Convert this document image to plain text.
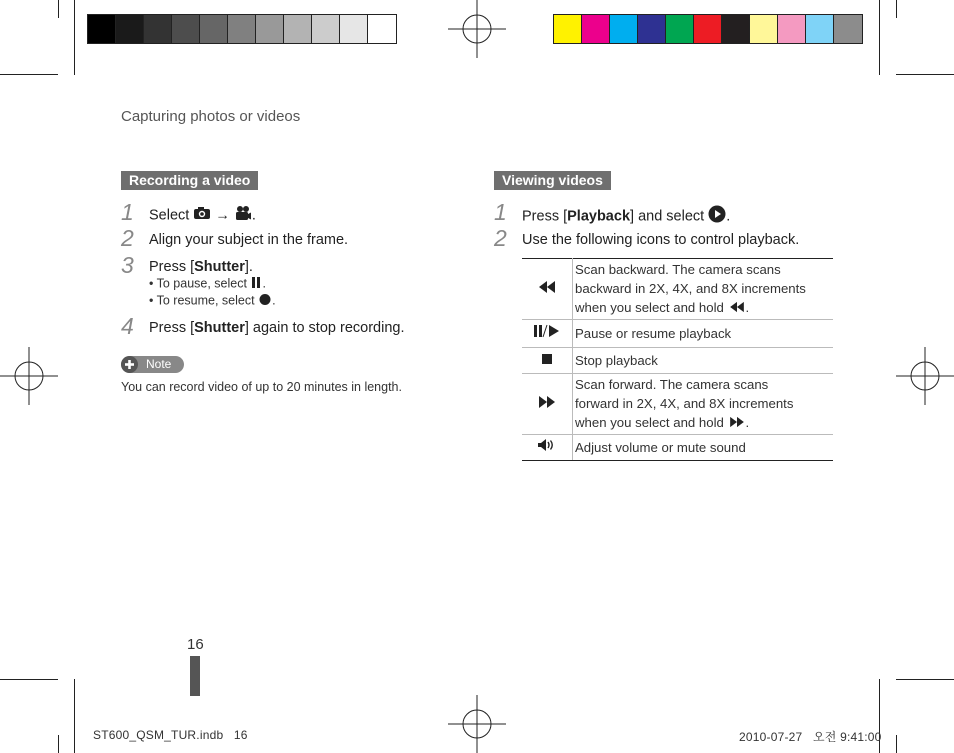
Capturing photos or videos
Recording a video
1	Select → .
2	Align your subject in the frame.
3	Press [Shutter].
• To pause, select .
• To resume, select .
4	Press [Shutter] again to stop recording.
Note
You can record video of up to 20 minutes in length.
Viewing videos
1	Press [Playback] and select .
2	Use the following icons to control playback.

Scan backward. The camera scans
backward in 2X, 4X, and 8X increments
when you select and hold .

Pause or resume playback

Stop playback

Scan forward. The camera scans
forward in 2X, 4X, and 8X increments
when you select and hold .

Adjust volume or mute sound
16
ST600_QSM_TUR.indb   16	2010-07-27   오전 9:41:00
